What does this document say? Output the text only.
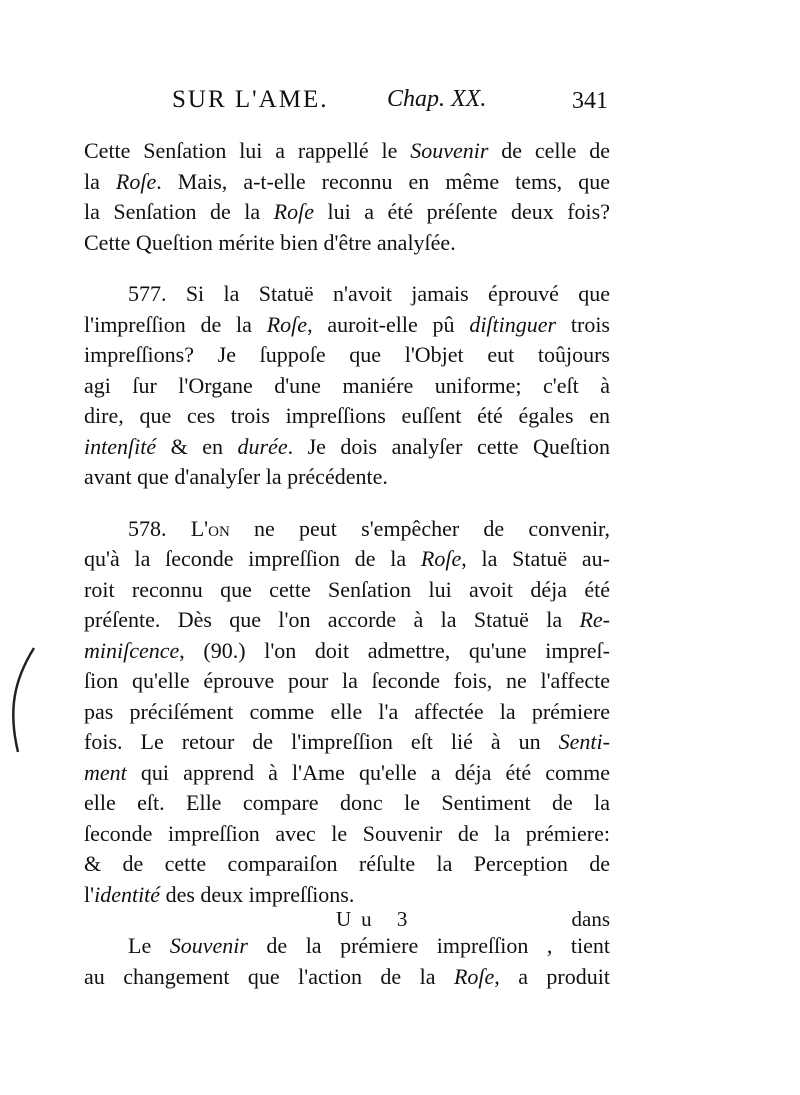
SUR L'AME. Chap. XX.	341
Cette Senſation lui a rappellé le Souvenir de celle de
la Roſe. Mais, a-t-elle reconnu en même tems, que
la Senſation de la Roſe lui a été préſente deux fois?
Cette Queſtion mérite bien d'être analyſée.
  577. Si la Statuë n'avoit jamais éprouvé que
l'impreſſion de la Roſe, auroit-elle pû diſtinguer trois
impreſſions? Je ſuppoſe que l'Objet eut toûjours
agi ſur l'Organe d'une maniére uniforme; c'eſt à
dire, que ces trois impreſſions euſſent été égales en
intenſité & en durée. Je dois analyſer cette Queſtion
avant que d'analyſer la précédente.
  578. L'on ne peut s'empêcher de convenir,
qu'à la ſeconde impreſſion de la Roſe, la Statuë au-
roit reconnu que cette Senſation lui avoit déja été
préſente. Dès que l'on accorde à la Statuë la Re-
miniſcence, (90.) l'on doit admettre, qu'une impreſ-
ſion qu'elle éprouve pour la ſeconde fois, ne l'affecte
pas préciſément comme elle l'a affectée la prémiere
fois. Le retour de l'impreſſion eſt lié à un Senti-
ment qui apprend à l'Ame qu'elle a déja été comme
elle eſt. Elle compare donc le Sentiment de la
ſeconde impreſſion avec le Souvenir de la prémiere:
& de cette comparaiſon réſulte la Perception de
l'identité des deux impreſſions.
  Le Souvenir de la prémiere impreſſion , tient
au changement que l'action de la Roſe, a produit
Uu 3	dans
